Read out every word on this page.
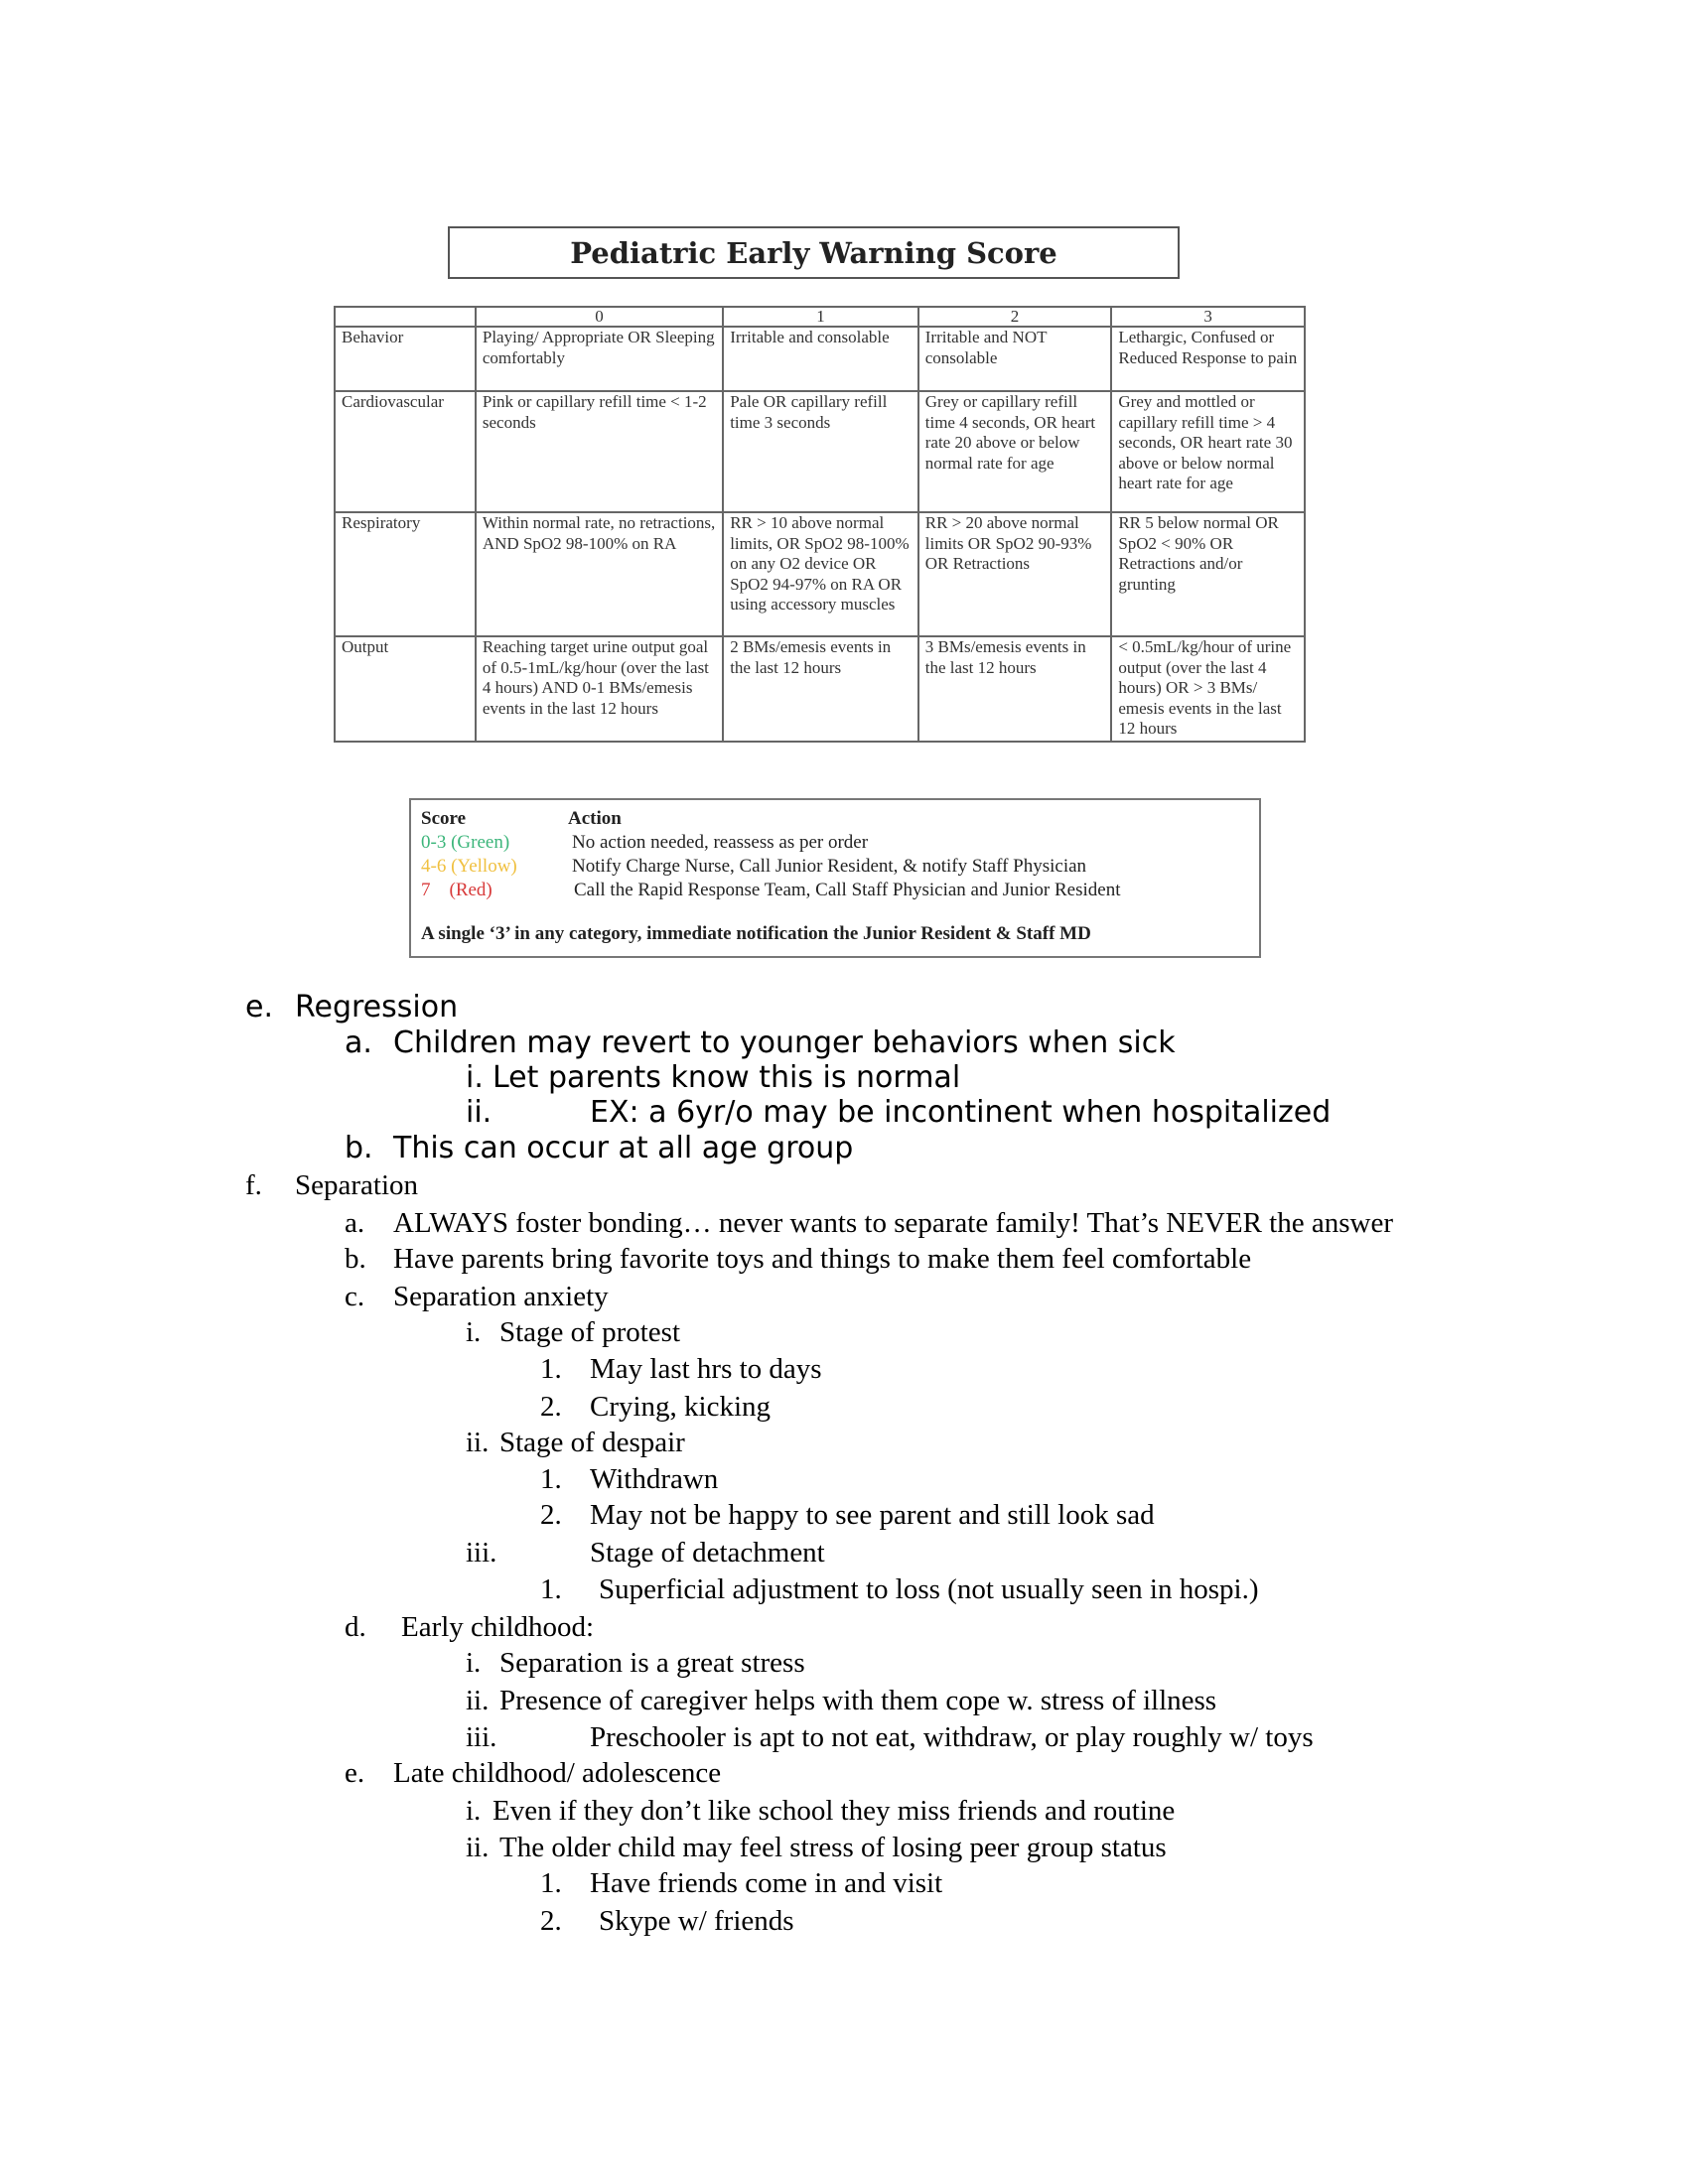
Pediatric Early Warning Score
	0	1	2	3
Behavior	Playing/ Appropriate OR Sleeping comfortably	Irritable and consolable	Irritable and NOT consolable	Lethargic, Confused or Reduced Response to pain
Cardiovascular	Pink or capillary refill time < 1-2 seconds	Pale OR capillary refill time 3 seconds	Grey or capillary refill time 4 seconds, OR heart rate 20 above or below normal rate for age	Grey and mottled or capillary refill time > 4 seconds, OR heart rate 30 above or below normal heart rate for age
Respiratory	Within normal rate, no retractions, AND SpO2 98-100% on RA	RR > 10 above normal limits, OR SpO2 98-100% on any O2 device OR SpO2 94-97% on RA OR using accessory muscles	RR > 20 above normal limits OR SpO2 90-93% OR Retractions	RR 5 below normal OR SpO2 < 90% OR Retractions and/or grunting
Output	Reaching target urine output goal of 0.5-1mL/kg/hour (over the last 4 hours) AND 0-1 BMs/emesis events in the last 12 hours	2 BMs/emesis events in the last 12 hours	3 BMs/emesis events in the last 12 hours	< 0.5mL/kg/hour of urine output (over the last 4 hours) OR > 3 BMs/ emesis events in the last 12 hours
Score	Action
0-3 (Green)	No action needed, reassess as per order
4-6 (Yellow)	Notify Charge Nurse, Call Junior Resident, & notify Staff Physician
7    (Red)	Call the Rapid Response Team, Call Staff Physician and Junior Resident
A single ‘3’ in any category, immediate notification the Junior Resident & Staff MD
e. Regression
a. Children may revert to younger behaviors when sick
i. Let parents know this is normal
ii.	EX: a 6yr/o may be incontinent when hospitalized
b. This can occur at all age group
f. Separation
a. ALWAYS foster bonding… never wants to separate family! That’s NEVER the answer
b. Have parents bring favorite toys and things to make them feel comfortable
c. Separation anxiety
i. Stage of protest
1. May last hrs to days
2. Crying, kicking
ii. Stage of despair
1. Withdrawn
2. May not be happy to see parent and still look sad
iii.	Stage of detachment
1. Superficial adjustment to loss (not usually seen in hospi.)
d. Early childhood:
i. Separation is a great stress
ii. Presence of caregiver helps with them cope w. stress of illness
iii.	Preschooler is apt to not eat, withdraw, or play roughly w/ toys
e. Late childhood/ adolescence
i. Even if they don’t like school they miss friends and routine
ii. The older child may feel stress of losing peer group status
1. Have friends come in and visit
2. Skype w/ friends
